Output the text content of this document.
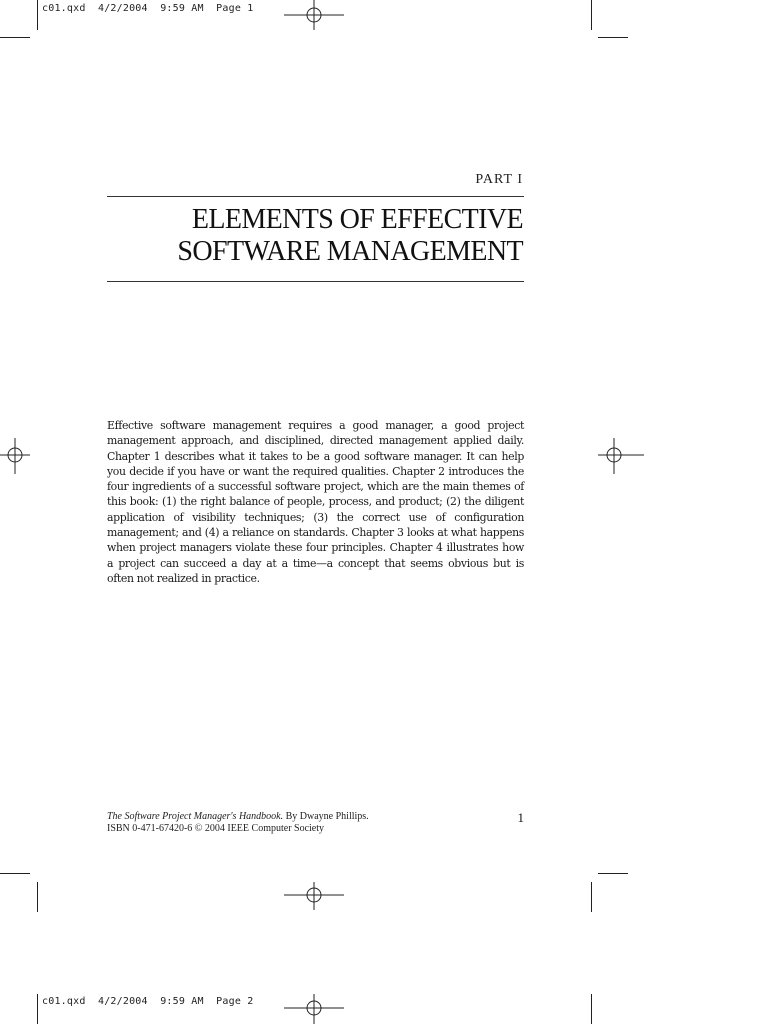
c01.qxd  4/2/2004  9:59 AM  Page 1
c01.qxd  4/2/2004  9:59 AM  Page 2
PART I
ELEMENTS OF EFFECTIVE
SOFTWARE MANAGEMENT

Effective software management requires a good manager, a good project management approach, and disciplined, directed management applied daily. Chapter 1 describes what it takes to be a good software manager. It can help you decide if you have or want the required qualities. Chapter 2 introduces the four ingredients of a successful software project, which are the main themes of this book: (1) the right balance of people, process, and product; (2) the diligent application of visibility techniques; (3) the correct use of configuration management; and (4) a reliance on standards. Chapter 3 looks at what happens when project managers violate these four principles. Chapter 4 illustrates how a project can succeed a day at a time—a concept that seems obvious but is often not realized in practice.

The Software Project Manager's Handbook. By Dwayne Phillips.
ISBN 0-471-67420-6 © 2004 IEEE Computer Society
1
